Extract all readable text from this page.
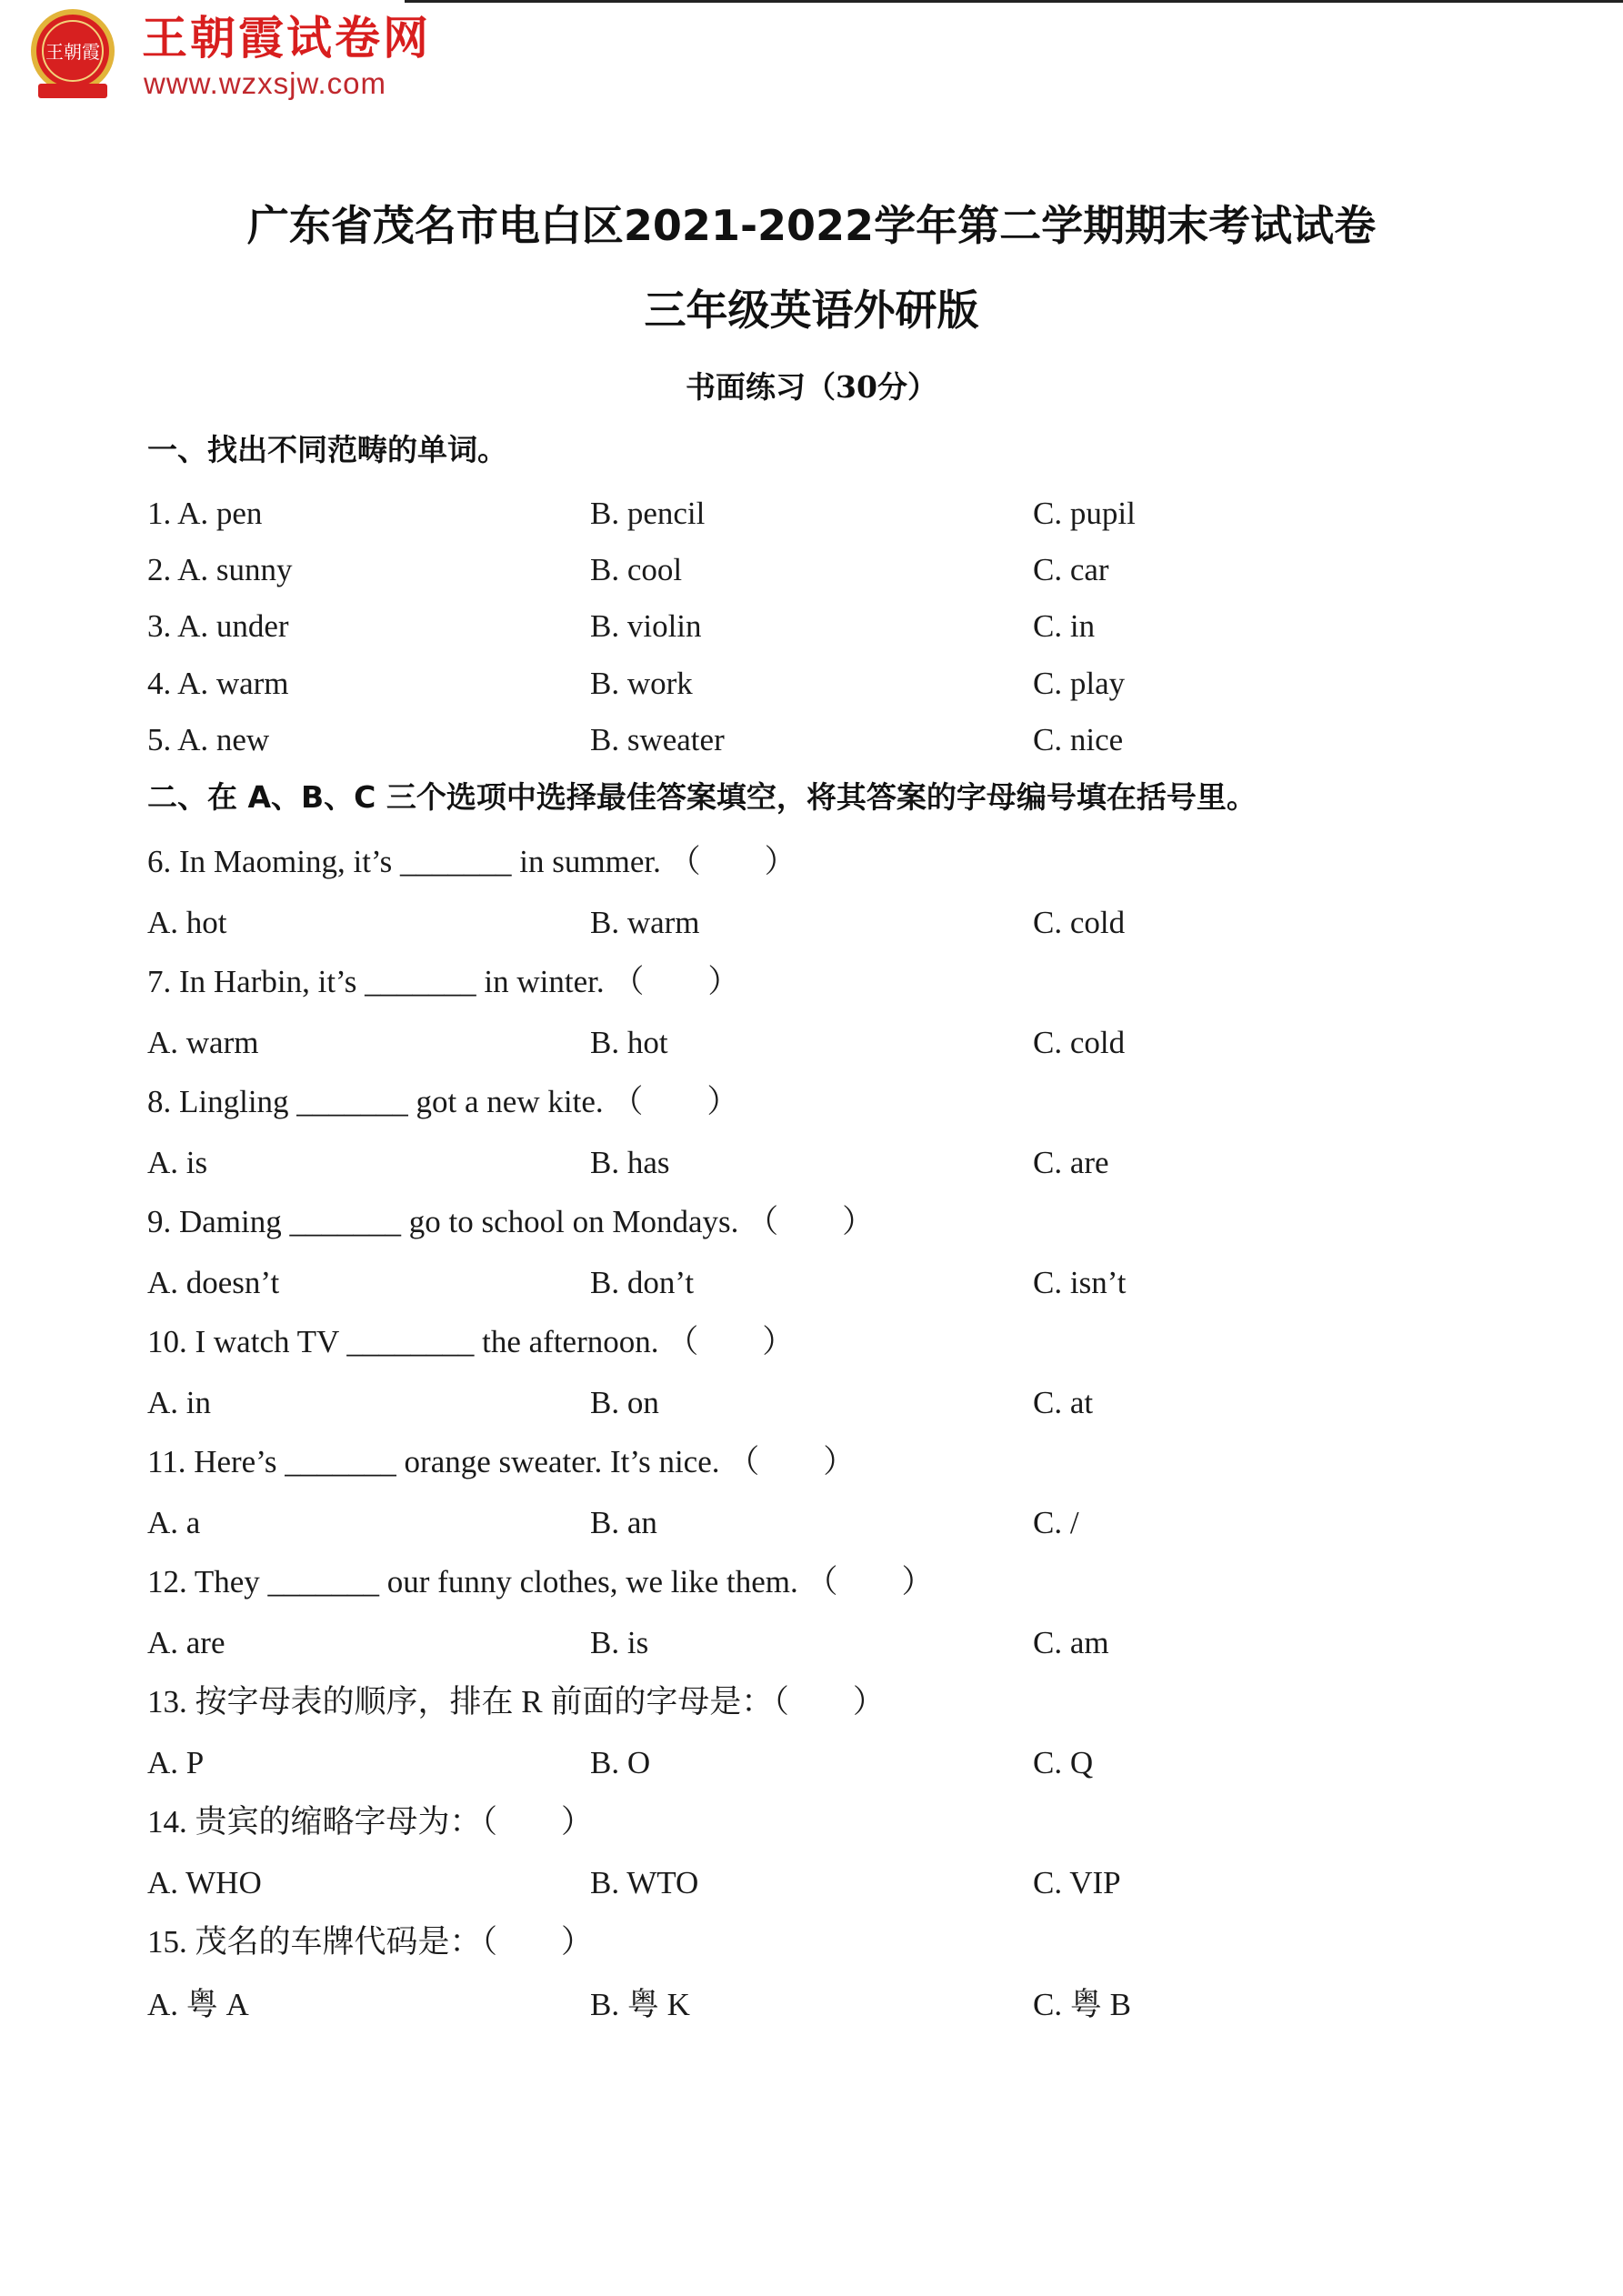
王朝霞 王朝霞试卷网
www.wzxsjw.com
广东省茂名市电白区2021-2022学年第二学期期末考试试卷
三年级英语外研版
书面练习（30分）
一、找出不同范畴的单词。
1. A. pen	B. pencil	C. pupil
2. A. sunny	B. cool	C. car
3. A. under	B. violin	C. in
4. A. warm	B. work	C. play
5. A. new	B. sweater	C. nice
二、在 A、B、C 三个选项中选择最佳答案填空，将其答案的字母编号填在括号里。
6. In Maoming, it’s _______ in summer. （　　）
A. hot	B. warm	C. cold
7. In Harbin, it’s _______ in winter. （　　）
A. warm	B. hot	C. cold
8. Lingling _______ got a new kite. （　　）
A. is	B. has	C. are
9. Daming _______ go to school on Mondays. （　　）
A. doesn’t	B. don’t	C. isn’t
10. I watch TV ________ the afternoon. （　　）
A. in	B. on	C. at
11. Here’s _______ orange sweater. It’s nice. （　　）
A. a	B. an	C. /
12. They _______ our funny clothes, we like them. （　　）
A. are	B. is	C. am
13. 按字母表的顺序，排在 R 前面的字母是：（　　）
A. P	B. O	C. Q
14. 贵宾的缩略字母为：（　　）
A. WHO	B. WTO	C. VIP
15. 茂名的车牌代码是：（　　）
A. 粤 A	B. 粤 K	C. 粤 B
